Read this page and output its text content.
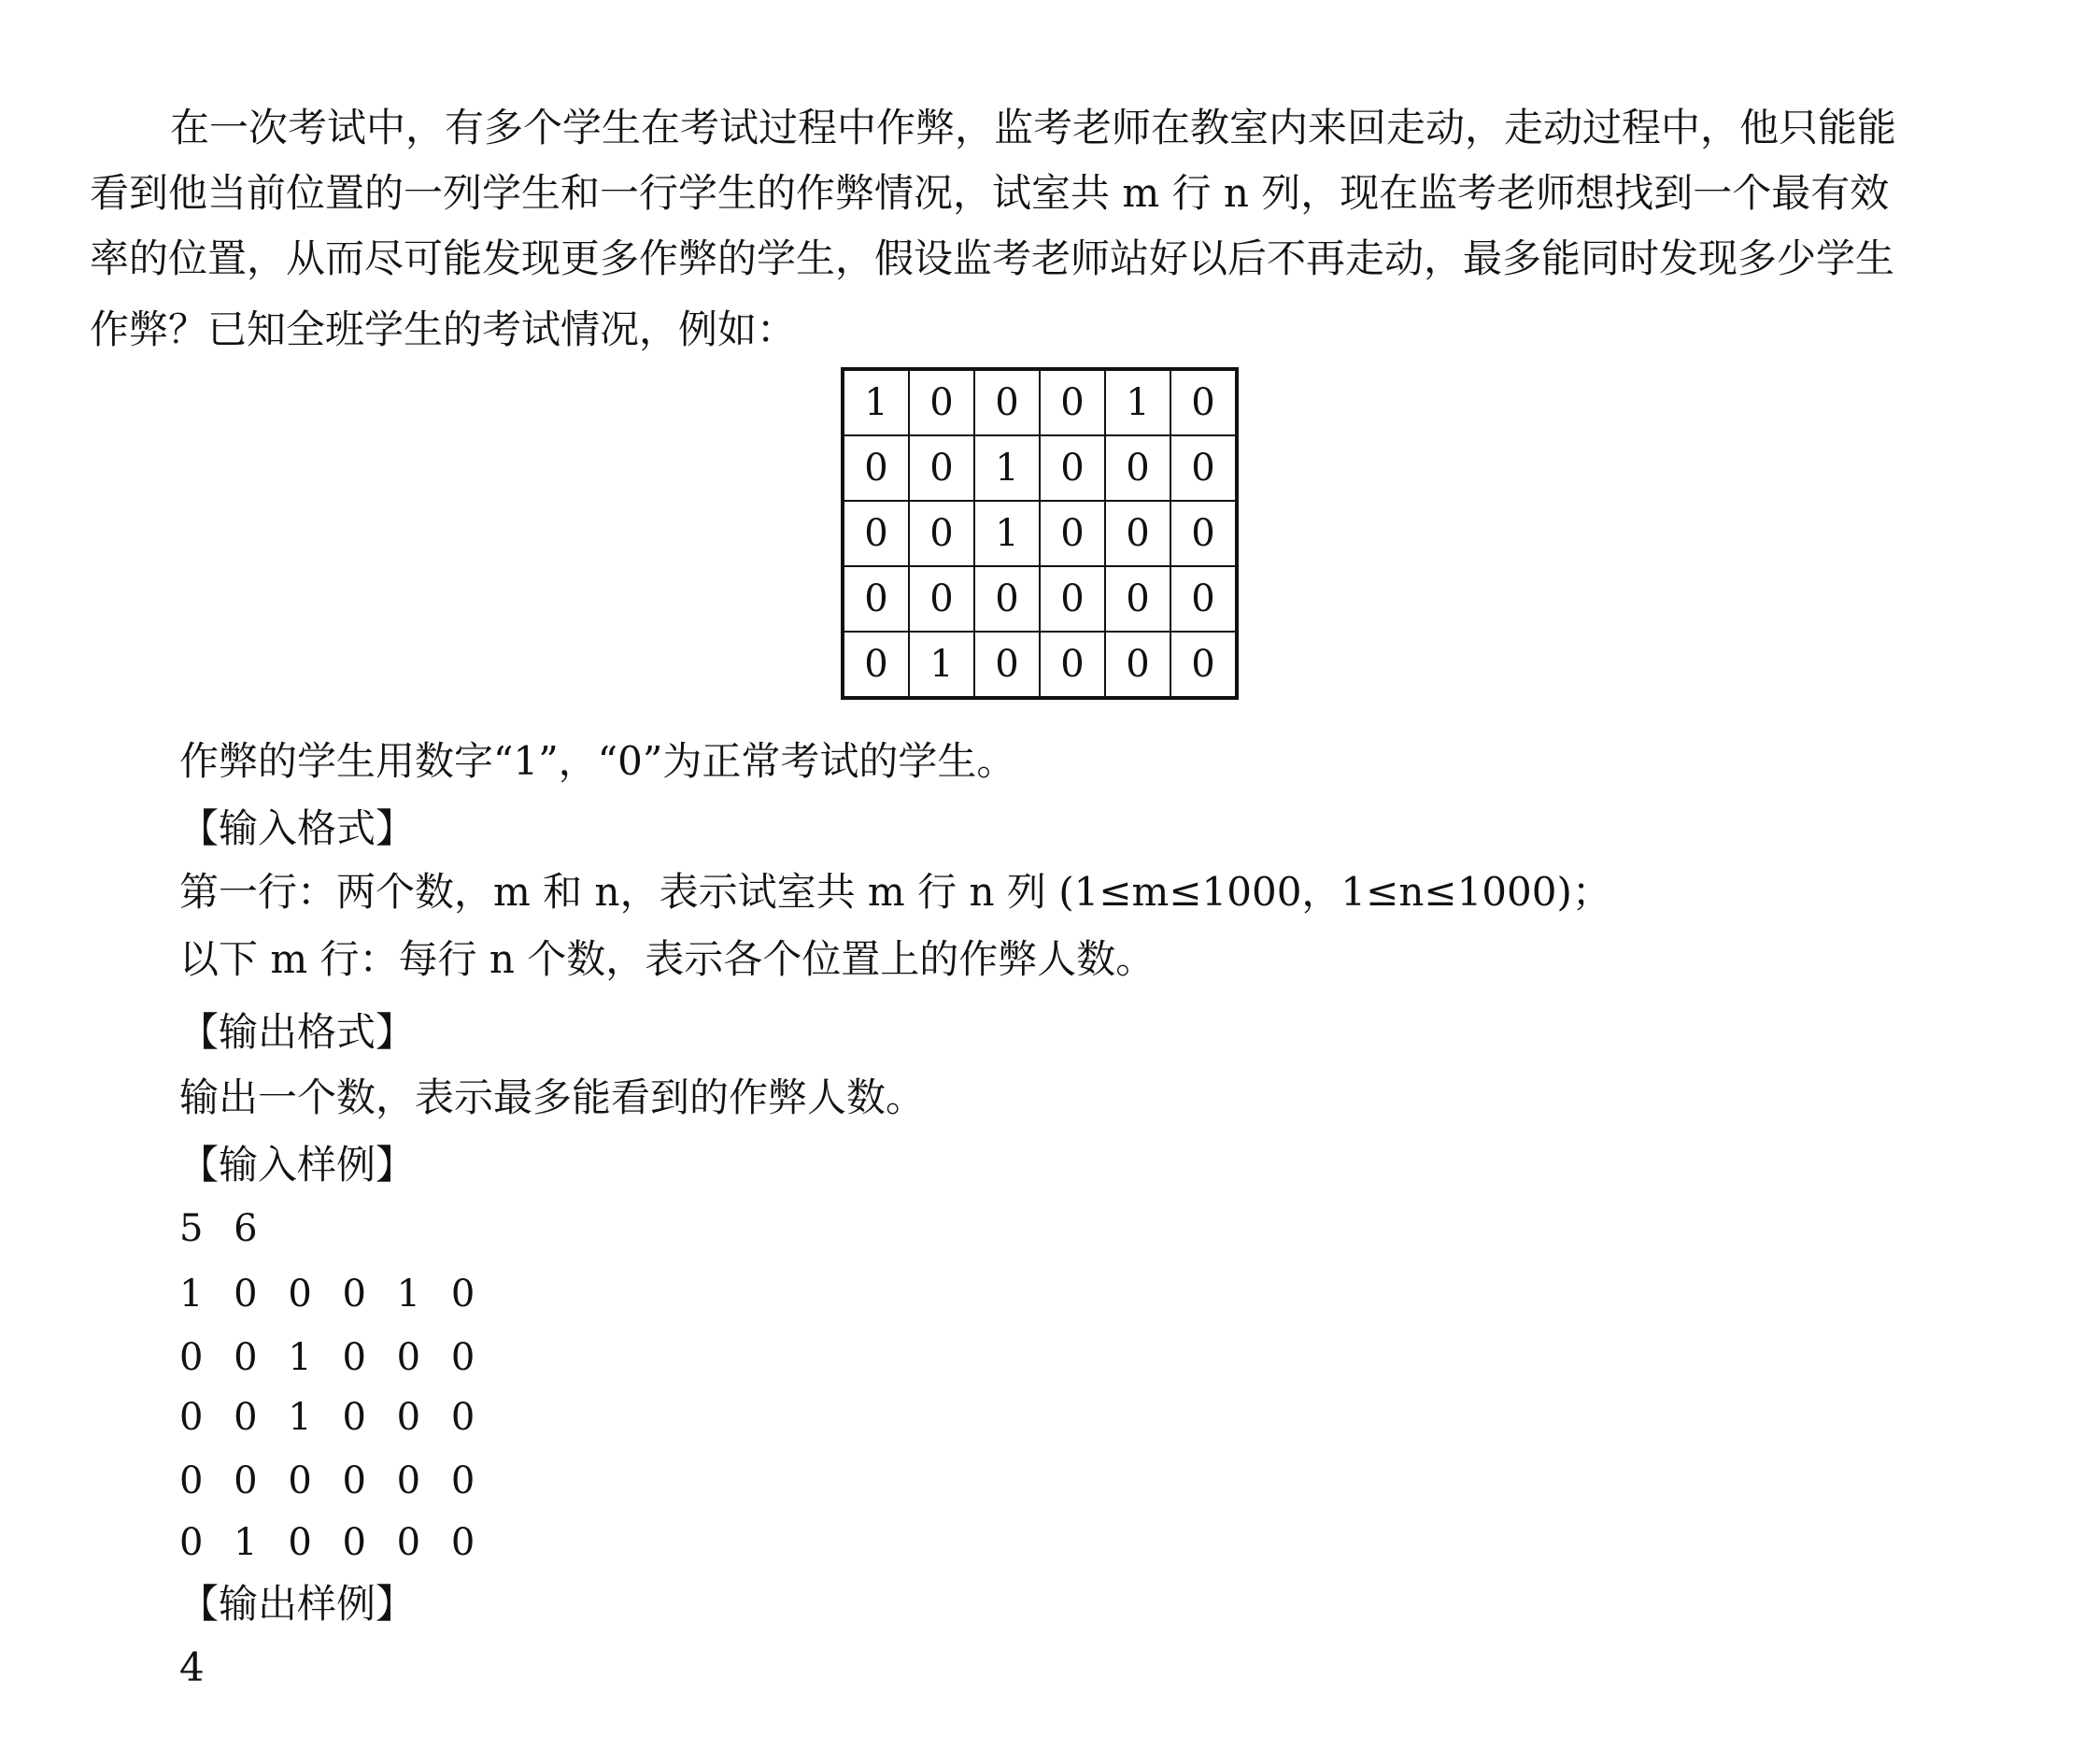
在一次考试中，有多个学生在考试过程中作弊，监考老师在教室内来回走动，走动过程中，他只能能
看到他当前位置的一列学生和一行学生的作弊情况，试室共 m 行 n 列，现在监考老师想找到一个最有效
率的位置，从而尽可能发现更多作弊的学生，假设监考老师站好以后不再走动，最多能同时发现多少学生
作弊？已知全班学生的考试情况，例如：
1	0	0	0	1	0
0	0	1	0	0	0
0	0	1	0	0	0
0	0	0	0	0	0
0	1	0	0	0	0
作弊的学生用数字“1”，“0”为正常考试的学生。
【输入格式】
第一行：两个数，m 和 n，表示试室共 m 行 n 列 (1≤m≤1000，1≤n≤1000)；
以下 m 行：每行 n 个数，表示各个位置上的作弊人数。
【输出格式】
输出一个数，表示最多能看到的作弊人数。
【输入样例】
5 6
1 0 0 0 1 0
0 0 1 0 0 0
0 0 1 0 0 0
0 0 0 0 0 0
0 1 0 0 0 0
【输出样例】
4
